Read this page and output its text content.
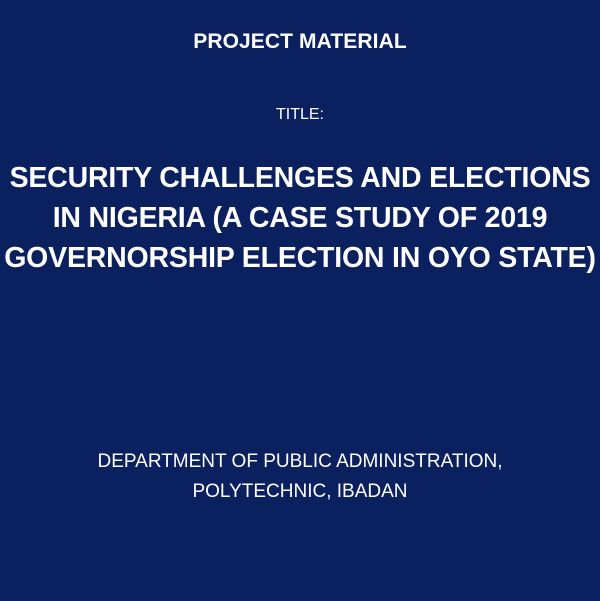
PROJECT MATERIAL

TITLE:

SECURITY CHALLENGES AND ELECTIONS
IN NIGERIA (A CASE STUDY OF 2019
GOVERNORSHIP ELECTION IN OYO STATE)

DEPARTMENT OF PUBLIC ADMINISTRATION,
POLYTECHNIC, IBADAN
